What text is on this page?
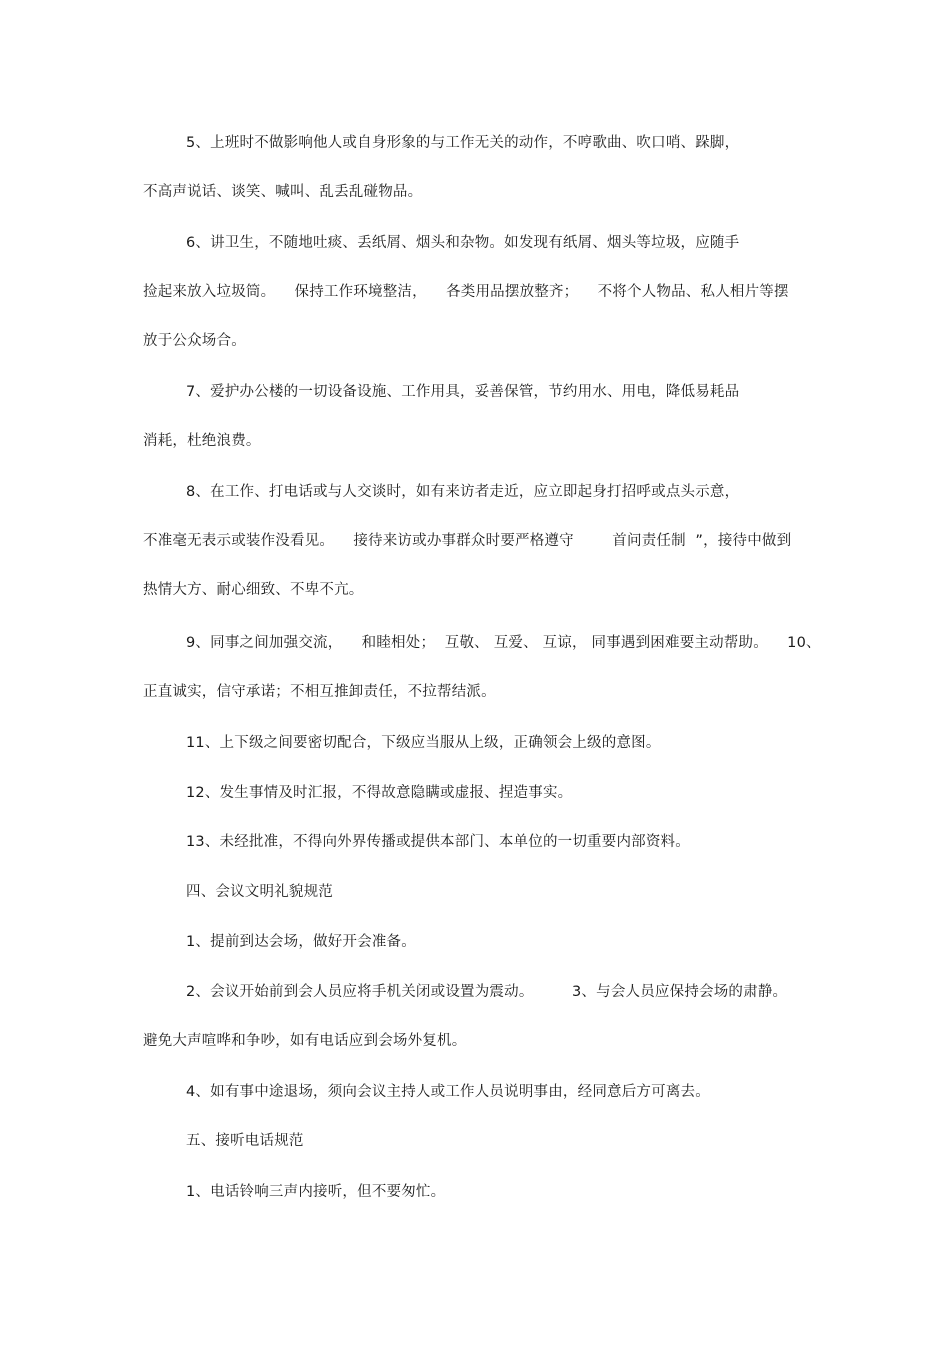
5、上班时不做影响他人或自身形象的与工作无关的动作，不哼歌曲、吹口哨、跺脚，
不高声说话、谈笑、喊叫、乱丢乱碰物品。
6、讲卫生，不随地吐痰、丢纸屑、烟头和杂物。如发现有纸屑、烟头等垃圾，应随手
捡起来放入垃圾筒。    保持工作环境整洁，    各类用品摆放整齐；    不将个人物品、私人相片等摆
放于公众场合。
7、爱护办公楼的一切设备设施、工作用具，妥善保管，节约用水、用电，降低易耗品
消耗，杜绝浪费。
8、在工作、打电话或与人交谈时，如有来访者走近，应立即起身打招呼或点头示意，
不准毫无表示或装作没看见。    接待来访或办事群众时要严格遵守        首问责任制  ”，接待中做到
热情大方、耐心细致、不卑不亢。
9、同事之间加强交流，    和睦相处；  互敬、 互爱、 互谅， 同事遇到困难要主动帮助。    10、
正直诚实，信守承诺；不相互推卸责任，不拉帮结派。
11、上下级之间要密切配合，下级应当服从上级，正确领会上级的意图。
12、发生事情及时汇报，不得故意隐瞒或虚报、捏造事实。
13、未经批准，不得向外界传播或提供本部门、本单位的一切重要内部资料。
四、会议文明礼貌规范
1、提前到达会场，做好开会准备。
2、会议开始前到会人员应将手机关闭或设置为震动。        3、与会人员应保持会场的肃静。
避免大声喧哗和争吵，如有电话应到会场外复机。
4、如有事中途退场，须向会议主持人或工作人员说明事由，经同意后方可离去。
五、接听电话规范
1、电话铃响三声内接听，但不要匆忙。
